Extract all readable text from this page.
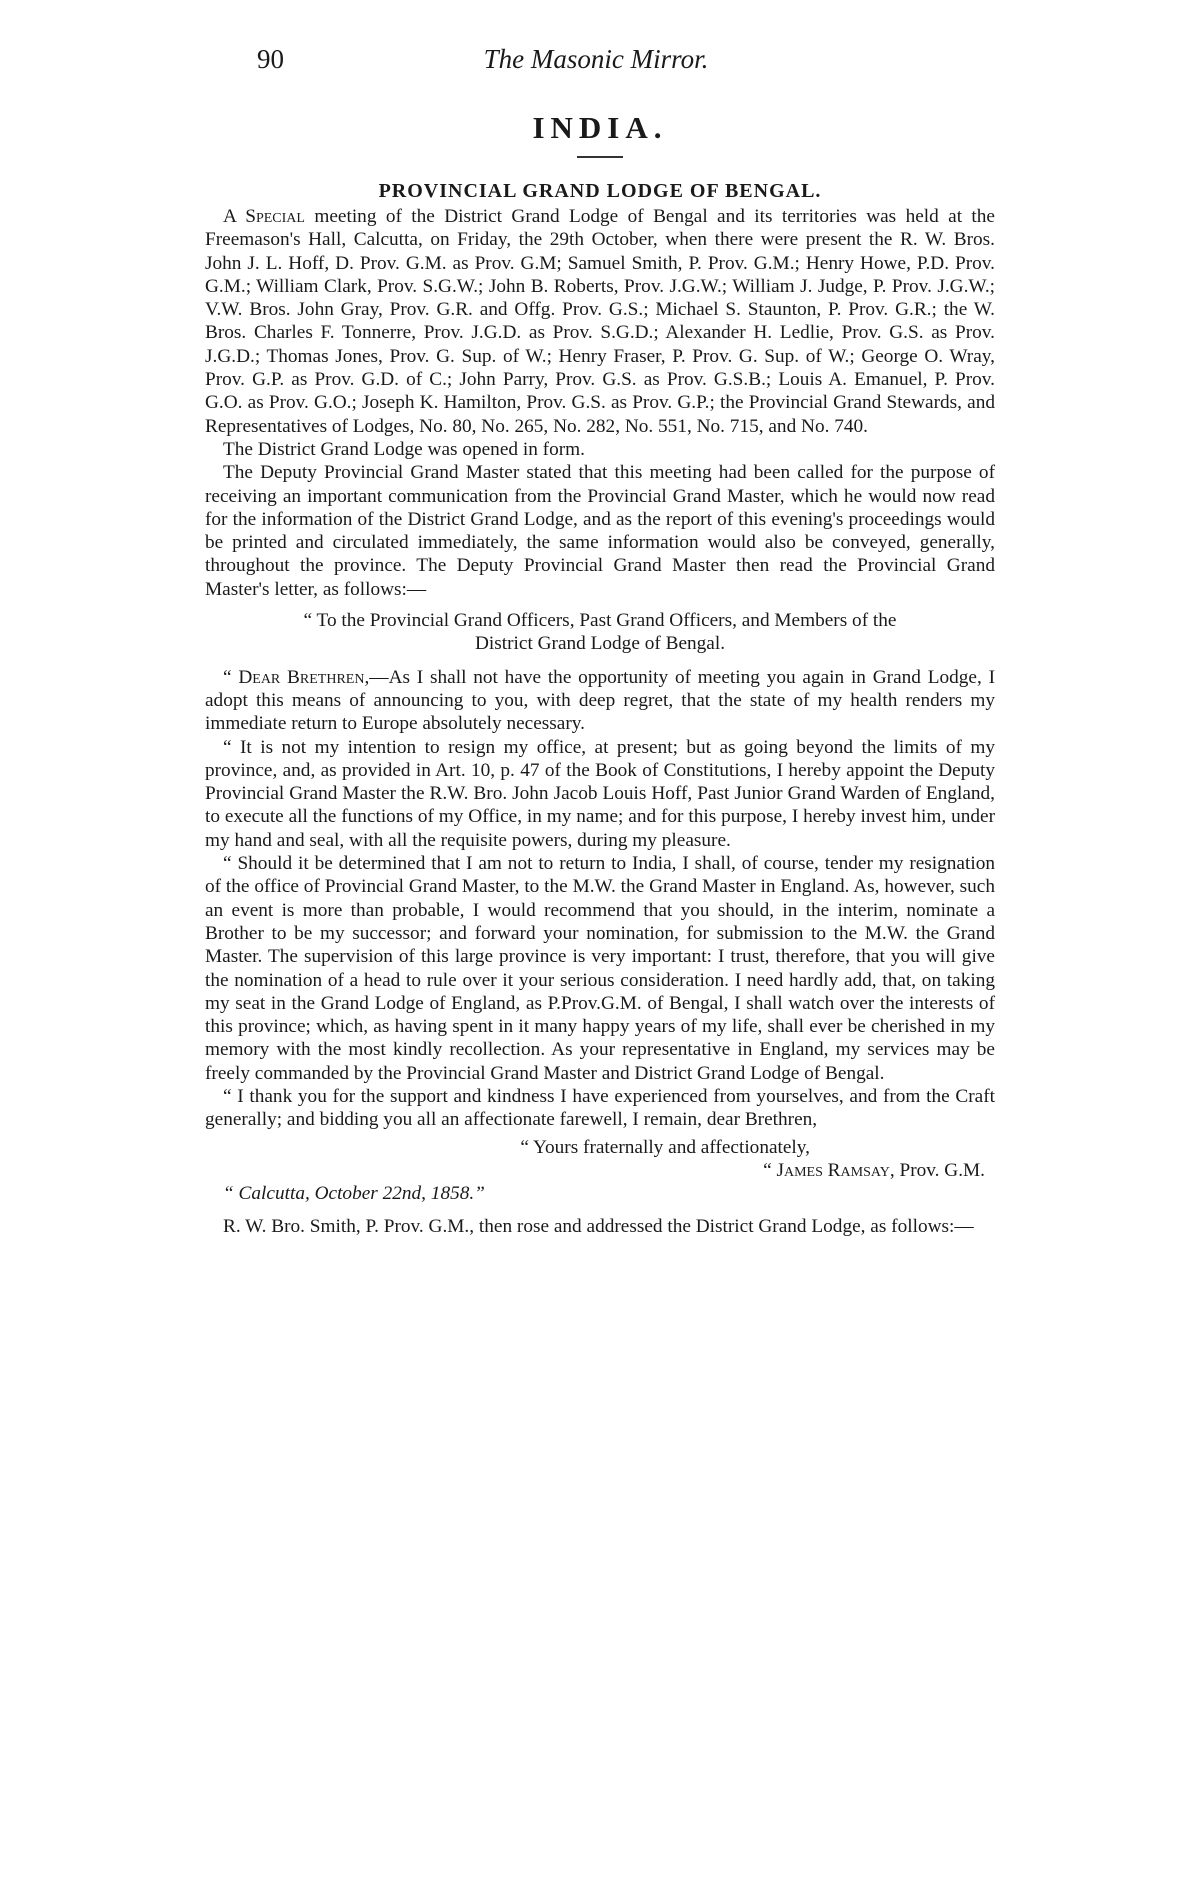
90	The Masonic Mirror.
INDIA.
PROVINCIAL GRAND LODGE OF BENGAL.

A Special meeting of the District Grand Lodge of Bengal and its territories was held at the Freemason's Hall, Calcutta, on Friday, the 29th October, when there were present the R. W. Bros. John J. L. Hoff, D. Prov. G.M. as Prov. G.M; Samuel Smith, P. Prov. G.M.; Henry Howe, P.D. Prov. G.M.; William Clark, Prov. S.G.W.; John B. Roberts, Prov. J.G.W.; William J. Judge, P. Prov. J.G.W.; V.W. Bros. John Gray, Prov. G.R. and Offg. Prov. G.S.; Michael S. Staunton, P. Prov. G.R.; the W. Bros. Charles F. Tonnerre, Prov. J.G.D. as Prov. S.G.D.; Alexander H. Ledlie, Prov. G.S. as Prov. J.G.D.; Thomas Jones, Prov. G. Sup. of W.; Henry Fraser, P. Prov. G. Sup. of W.; George O. Wray, Prov. G.P. as Prov. G.D. of C.; John Parry, Prov. G.S. as Prov. G.S.B.; Louis A. Emanuel, P. Prov. G.O. as Prov. G.O.; Joseph K. Hamilton, Prov. G.S. as Prov. G.P.; the Provincial Grand Stewards, and Representatives of Lodges, No. 80, No. 265, No. 282, No. 551, No. 715, and No. 740.

The District Grand Lodge was opened in form.

The Deputy Provincial Grand Master stated that this meeting had been called for the purpose of receiving an important communication from the Provincial Grand Master, which he would now read for the information of the District Grand Lodge, and as the report of this evening's proceedings would be printed and circulated immediately, the same information would also be conveyed, generally, throughout the province. The Deputy Provincial Grand Master then read the Provincial Grand Master's letter, as follows:—

“ To the Provincial Grand Officers, Past Grand Officers, and Members of the
District Grand Lodge of Bengal.

“ Dear Brethren,—As I shall not have the opportunity of meeting you again in Grand Lodge, I adopt this means of announcing to you, with deep regret, that the state of my health renders my immediate return to Europe absolutely necessary.

“ It is not my intention to resign my office, at present; but as going beyond the limits of my province, and, as provided in Art. 10, p. 47 of the Book of Constitutions, I hereby appoint the Deputy Provincial Grand Master the R.W. Bro. John Jacob Louis Hoff, Past Junior Grand Warden of England, to execute all the functions of my Office, in my name; and for this purpose, I hereby invest him, under my hand and seal, with all the requisite powers, during my pleasure.

“ Should it be determined that I am not to return to India, I shall, of course, tender my resignation of the office of Provincial Grand Master, to the M.W. the Grand Master in England. As, however, such an event is more than probable, I would recommend that you should, in the interim, nominate a Brother to be my successor; and forward your nomination, for submission to the M.W. the Grand Master. The supervision of this large province is very important: I trust, therefore, that you will give the nomination of a head to rule over it your serious consideration. I need hardly add, that, on taking my seat in the Grand Lodge of England, as P.Prov.G.M. of Bengal, I shall watch over the interests of this province; which, as having spent in it many happy years of my life, shall ever be cherished in my memory with the most kindly recollection. As your representative in England, my services may be freely commanded by the Provincial Grand Master and District Grand Lodge of Bengal.

“ I thank you for the support and kindness I have experienced from yourselves, and from the Craft generally; and bidding you all an affectionate farewell, I remain, dear Brethren,

“ Yours fraternally and affectionately,
“ James Ramsay, Prov. G.M.
“ Calcutta, October 22nd, 1858.”

R. W. Bro. Smith, P. Prov. G.M., then rose and addressed the District Grand Lodge, as follows:—
